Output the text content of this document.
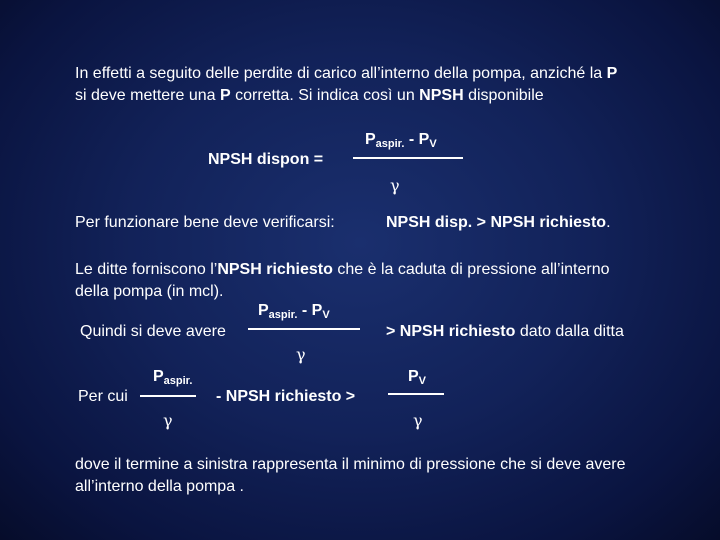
In effetti a seguito delle perdite di carico all’interno della pompa, anziché la P
si deve mettere una P corretta. Si indica così un NPSH disponibile
NPSH dispon =
$P_{aspir.} - P_V$
γ
Per funzionare bene deve verificarsi:	NPSH disp. > NPSH richiesto.
Le ditte forniscono l’NPSH richiesto che è la caduta di pressione all’interno
della pompa (in mcl).
Quindi si deve avere
$P_{aspir.} - P_V$
γ
> NPSH richiesto dato dalla ditta
Per cui
$P_{aspir.}$
γ
- NPSH richiesto >
$P_V$
γ
dove il termine a sinistra rappresenta il minimo di pressione che si deve avere
all’interno della pompa .
